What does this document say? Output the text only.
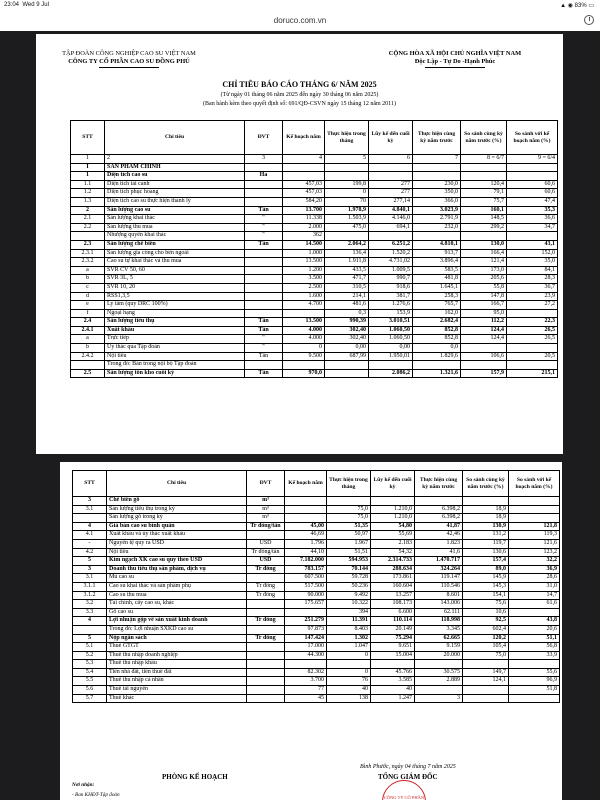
23:04 Wed 9 Jul	▲ ◉ 83% ▭
doruco.com.vn
TẬP ĐOÀN CÔNG NGHIỆP CAO SU VIỆT NAM
CÔNG TY CỔ PHẦN CAO SU ĐỒNG PHÚ
CỘNG HÒA XÃ HỘI CHỦ NGHĨA VIỆT NAM
Độc Lập - Tự Do -Hạnh Phúc
CHỈ TIÊU BÁO CÁO THÁNG 6/ NĂM 2025
(Từ ngày 01 tháng 06 năm 2025 đến ngày 30 tháng 06 năm 2025)
(Ban hành kèm theo quyết định số: 691/QĐ-CSVN ngày 15 tháng 12 năm 2011)
STT	Chỉ tiêu	ĐVT	Kế hoạch năm	Thực hiện trong tháng	Lũy kế đến cuối kỳ	Thực hiện cùng kỳ năm trước	So sánh cùng kỳ năm trước (%)	So sánh với kế hoạch năm (%)
1	2	3	4	5	6	7	8 = 6/7	9 = 6/4
I	SẢN PHẨM CHÍNH							
1	Diện tích cao su	Ha						
1.1	Diện tích tái canh		457,03	199,8	277	230,0	120,4	60,6
1.2	Diện tích phục hoang		457,03	0	277	350,0	79,1	60,6
1.3	Diện tích cao su thực hiện thanh lý		584,20	70	277,14	366,0	75,7	47,4
2	Sản lượng cao su	Tấn	13.700	1.978,9	4.840,1	3.023,9	160,1	35,3
2.1	Sản lượng khai thác	"	11.338	1.503,9	4.146,0	2.791,9	148,5	36,6
2.2	Sản lượng thu mua	"	2.000	475,0	694,1	232,0	299,2	34,7
	Nhượng quyền khai thác	"	362					
2.3	Sản lượng chế biến	Tấn	14.500	2.064,2	6.251,2	4.810,1	130,0	43,1
2.3.1	Sản lượng gia công cho bên ngoài		1.000	136,4	1.520,2	913,7	166,4	152,0
2.3.2	Cao su tự khai thác và thu mua		13.500	1.911,8	4.731,02	3.896,4	121,4	35,0
a	SVR CV 50, 60		1.200	433,5	1.009,5	583,5	173,0	84,1
b	SVR 3L, 5		3.500	471,7	990,7	481,8	205,6	28,3
c	SVR 10, 20		2.500	310,5	918,6	1.645,1	55,8	36,7
d	RSS1,3,5		1.600	214,1	381,7	258,3	147,8	23,9
e	Ly tâm (quy DRC 100%)		4.700	481,6	1.276,6	765,7	166,7	27,2
f	Ngoại hạng			0,3	153,9	162,0	95,0	
2.4	Sản lượng tiêu thụ	Tấn	13.500	990,39	3.010,51	2.682,4	112,2	22,3
2.4.1	Xuất khẩu	Tấn	4.000	302,40	1.060,50	852,8	124,4	26,5
a	Trực tiếp	"	4.000	302,40	1.060,50	852,8	124,4	26,5
b	Ủy thác qua Tập đoàn	"	0	0,00	0,00	0,0		
2.4.2	Nội tiêu	Tấn	9.500	687,99	1.950,01	1.829,6	106,6	20,5
	Trong đó: Bán trong nội bộ Tập đoàn							
2.5	Sản lượng tồn kho cuối kỳ	Tấn	970,0		2.086,2	1.321,6	157,9	215,1
STT	Chỉ tiêu	ĐVT	Kế hoạch năm	Thực hiện trong tháng	Lũy kế đến cuối kỳ	Thực hiện cùng kỳ năm trước	So sánh cùng kỳ năm trước (%)	So sánh với kế hoạch năm (%)
3	Chế biến gỗ	m³						
3.1	Sản lượng tiêu thụ trong kỳ	m³		75,0	1.210,0	6.398,2	18,9	
	Sản lượng gỗ trong kỳ	m³		75,0	1.210,0	6.398,2	18,9	
4	Giá bán cao su bình quân	Tr đồng/tấn	45,00	51,35	54,80	41,87	130,9	121,8
4.1	Xuất khẩu và ủy thác xuất khẩu		46,69	50,97	55,69	42,46	131,2	119,3
-	Nguyên tệ quy ra USD	USD	1.796	1.967	2.183	1.823	119,7	121,6
4.2	Nội tiêu	Tr đồng/tấn	44,10	51,51	54,32	41,6	130,6	123,2
5	Kim ngạch XK cao su quy theo USD	USD	7.182.000	594.953	2.314.733	1.470.717	157,4	32,2
3	Doanh thu tiêu thụ sản phẩm, dịch vụ	Tr đồng	783.157	70.144	288.634	324.264	89,0	36,9
3.1	Mủ cao su		607.500	59.728	173.861	119.147	145,9	28,6
3.1.1	Cao su khai thác và sản phẩm phụ	Tr đồng	517.500	50.236	160.604	110.546	145,3	31,0
3.1.2	Cao su thu mua	Tr đồng	90.000	9.492	13.257	8.601	154,1	14,7
3.2	Tài chính, cây cao su, khác		175.657	10.322	108.173	143.006	75,6	61,6
3.3	Gỗ cao su			394	6.600	62.111	10,6	
4	Lợi nhuận gộp về sản xuất kinh doanh	Tr đồng	251.279	11.391	110.114	118.998	92,5	43,8
	Trong đó: Lợi nhuận SXKD cao su		97.873	8.403	20.149	3.345	602,4	20,6
5	Nộp ngân sách	Tr đồng	147.424	1.302	75.294	62.665	120,2	51,1
5.1	Thuế GTGT		17.000	1.047	9.651	9.159	105,4	56,8
5.2	Thuế thu nhập doanh nghiệp		44.300	0	15.004	20.000	75,0	33,9
5.3	Thuế thu nhập khẩu							
5.4	Tiền nhà đất, tiền thuê đất		82.302	0	45.766	30.575	149,7	55,6
5.5	Thuế thu nhập cá nhân		3.700	76	3.585	2.889	124,1	96,9
5.6	Thuế tài nguyên		77	40	40			51,8
5.7	Thuế khác		45	138	1.247	3		
Bình Phước, ngày 04 tháng 7 năm 2025
PHÒNG KẾ HOẠCH	TỔNG GIÁM ĐỐC
CÔNG TY CỔ PHẦN
Nơi nhận:
- Ban KHĐT-Tập đoàn
